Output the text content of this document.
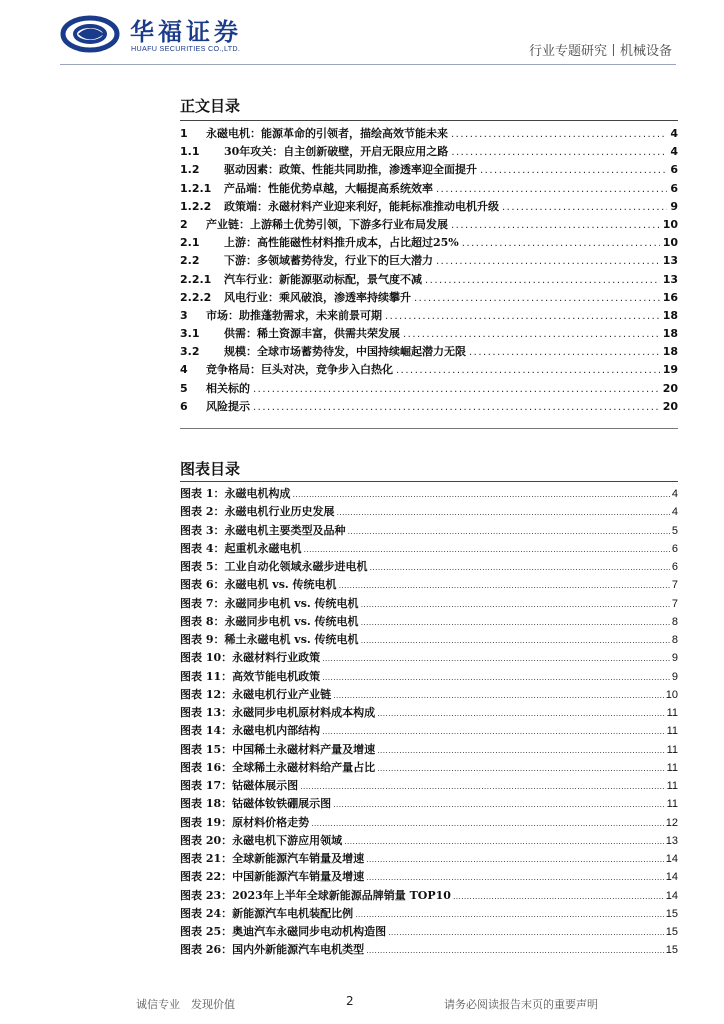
华福证券
HUAFU SECURITIES CO.,LTD.	行业专题研究丨机械设备
正文目录
1	永磁电机：能源革命的引领者，描绘高效节能未来 .....	4
1.1	30年攻关：自主创新破壁，开启无限应用之路 .....	4
1.2	驱动因素：政策、性能共同助推，渗透率迎全面提升 .....	6
1.2.1	产品端：性能优势卓越，大幅提高系统效率 .....	6
1.2.2	政策端：永磁材料产业迎来利好，能耗标准推动电机升级 .....	9
2	产业链：上游稀土优势引领，下游多行业布局发展 .....	10
2.1	上游：高性能磁性材料推升成本，占比超过25% .....	10
2.2	下游：多领域蓄势待发，行业下的巨大潜力 .....	13
2.2.1	汽车行业：新能源驱动标配，景气度不减 .....	13
2.2.2	风电行业：乘风破浪，渗透率持续攀升 .....	16
3	市场：助推蓬勃需求，未来前景可期 .....	18
3.1	供需：稀土资源丰富，供需共荣发展 .....	18
3.2	规模：全球市场蓄势待发，中国持续崛起潜力无限 .....	18
4	竞争格局：巨头对决，竞争步入白热化 .....	19
5	相关标的 .....	20
6	风险提示 .....	20
图表目录
图表 1：永磁电机构成 .....	4
图表 2：永磁电机行业历史发展 .....	4
图表 3：永磁电机主要类型及品种 .....	5
图表 4：起重机永磁电机 .....	6
图表 5：工业自动化领域永磁步进电机 .....	6
图表 6：永磁电机 vs. 传统电机 .....	7
图表 7：永磁同步电机 vs. 传统电机 .....	7
图表 8：永磁同步电机 vs. 传统电机 .....	8
图表 9：稀土永磁电机 vs. 传统电机 .....	8
图表 10：永磁材料行业政策 .....	9
图表 11：高效节能电机政策 .....	9
图表 12：永磁电机行业产业链 .....	10
图表 13：永磁同步电机原材料成本构成 .....	11
图表 14：永磁电机内部结构 .....	11
图表 15：中国稀土永磁材料产量及增速 .....	11
图表 16：全球稀土永磁材料给产量占比 .....	11
图表 17：钴磁体展示图 .....	11
图表 18：钴磁体钕铁硼展示图 .....	11
图表 19：原材料价格走势 .....	12
图表 20：永磁电机下游应用领域 .....	13
图表 21：全球新能源汽车销量及增速 .....	14
图表 22：中国新能源汽车销量及增速 .....	14
图表 23：2023年上半年全球新能源品牌销量 TOP10 .....	14
图表 24：新能源汽车电机装配比例 .....	15
图表 25：奥迪汽车永磁同步电动机构造图 .....	15
图表 26：国内外新能源汽车电机类型 .....	15
诚信专业　发现价值	2	请务必阅读报告末页的重要声明
